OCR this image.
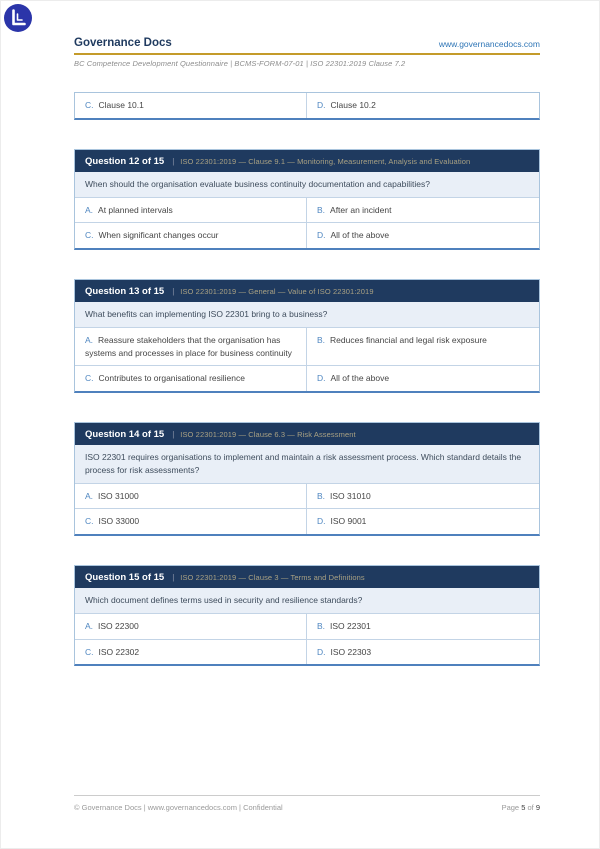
Governance Docs	www.governancedocs.com
BC Competence Development Questionnaire | BCMS-FORM-07-01 | ISO 22301:2019 Clause 7.2
C. Clause 10.1	D. Clause 10.2
Question 12 of 15 | ISO 22301:2019 — Clause 9.1 — Monitoring, Measurement, Analysis and Evaluation
When should the organisation evaluate business continuity documentation and capabilities?
A. At planned intervals	B. After an incident
C. When significant changes occur	D. All of the above
Question 13 of 15 | ISO 22301:2019 — General — Value of ISO 22301:2019
What benefits can implementing ISO 22301 bring to a business?
A. Reassure stakeholders that the organisation has systems and processes in place for business continuity
B. Reduces financial and legal risk exposure
C. Contributes to organisational resilience	D. All of the above
Question 14 of 15 | ISO 22301:2019 — Clause 6.3 — Risk Assessment
ISO 22301 requires organisations to implement and maintain a risk assessment process. Which standard details the process for risk assessments?
A. ISO 31000	B. ISO 31010
C. ISO 33000	D. ISO 9001
Question 15 of 15 | ISO 22301:2019 — Clause 3 — Terms and Definitions
Which document defines terms used in security and resilience standards?
A. ISO 22300	B. ISO 22301
C. ISO 22302	D. ISO 22303
© Governance Docs | www.governancedocs.com | Confidential	Page 5 of 9
